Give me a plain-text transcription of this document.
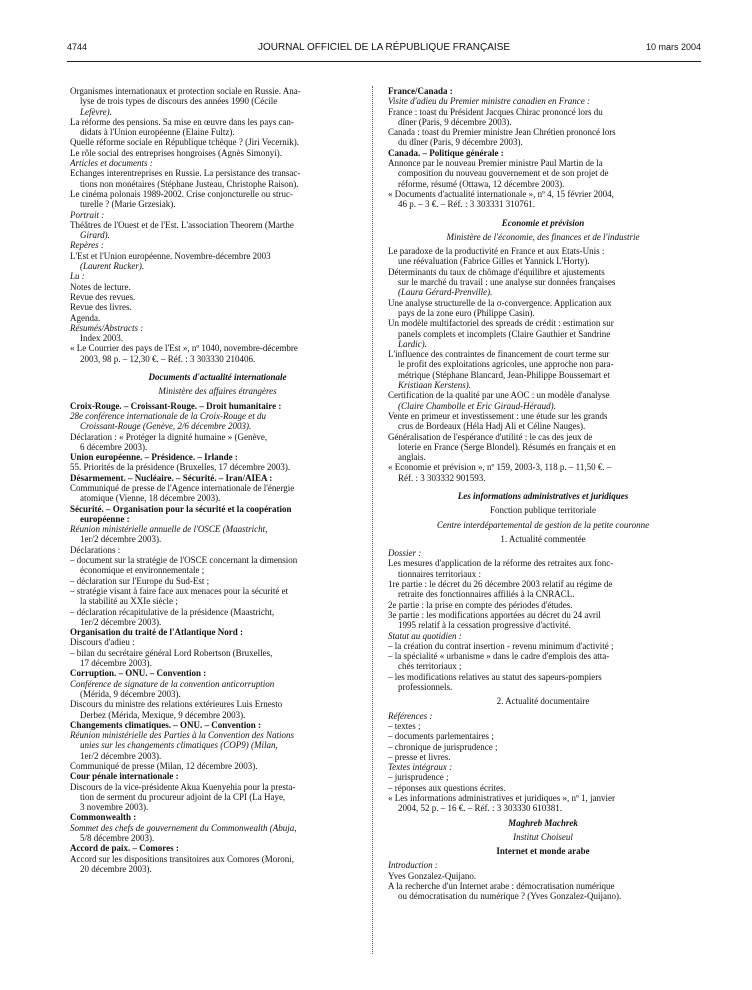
4744	JOURNAL OFFICIEL DE LA RÉPUBLIQUE FRANÇAISE	10 mars 2004
Organismes internationaux et protection sociale en Russie. Ana-
lyse de trois types de discours des années 1990 (Cécile
Lefèvre).
La réforme des pensions. Sa mise en œuvre dans les pays can-
didats à l'Union européenne (Elaine Fultz).
Quelle réforme sociale en République tchèque ? (Jiri Vecernik).
Le rôle social des entreprises hongroises (Agnès Simonyi).
Articles et documents :
Echanges interentreprises en Russie. La persistance des transac-
tions non monétaires (Stéphane Justeau, Christophe Raison).
Le cinéma polonais 1989-2002. Crise conjoncturelle ou struc-
turelle ? (Marie Grzesiak).
Portrait :
Théâtres de l'Ouest et de l'Est. L'association Theorem (Marthe
Girard).
Repères :
L'Est et l'Union européenne. Novembre-décembre 2003
(Laurent Rucker).
Lu :
Notes de lecture.
Revue des revues.
Revue des livres.
Agenda.
Résumés/Abstracts :
Index 2003.
« Le Courrier des pays de l'Est », nº 1040, novembre-décembre
2003, 98 p. – 12,30 €. – Réf. : 3 303330 210406.
Documents d'actualité internationale
Ministère des affaires étrangères
Croix-Rouge. – Croissant-Rouge. – Droit humanitaire :
28e conférence internationale de la Croix-Rouge et du
Croissant-Rouge (Genève, 2/6 décembre 2003).
Déclaration : « Protéger la dignité humaine » (Genève,
6 décembre 2003).
Union européenne. – Présidence. – Irlande :
55. Priorités de la présidence (Bruxelles, 17 décembre 2003).
Désarmement. – Nucléaire. – Sécurité. – Iran/AIEA :
Communiqué de presse de l'Agence internationale de l'énergie
atomique (Vienne, 18 décembre 2003).
Sécurité. – Organisation pour la sécurité et la coopération
européenne :
Réunion ministérielle annuelle de l'OSCE (Maastricht,
1er/2 décembre 2003).
Déclarations :
– document sur la stratégie de l'OSCE concernant la dimension
économique et environnementale ;
– déclaration sur l'Europe du Sud-Est ;
– stratégie visant à faire face aux menaces pour la sécurité et
la stabilité au XXIe siècle ;
– déclaration récapitulative de la présidence (Maastricht,
1er/2 décembre 2003).
Organisation du traité de l'Atlantique Nord :
Discours d'adieu :
– bilan du secrétaire général Lord Robertson (Bruxelles,
17 décembre 2003).
Corruption. – ONU. – Convention :
Conférence de signature de la convention anticorruption
(Mérida, 9 décembre 2003).
Discours du ministre des relations extérieures Luis Ernesto
Derbez (Mérida, Mexique, 9 décembre 2003).
Changements climatiques. – ONU. – Convention :
Réunion ministérielle des Parties à la Convention des Nations
unies sur les changements climatiques (COP9) (Milan,
1er/2 décembre 2003).
Communiqué de presse (Milan, 12 décembre 2003).
Cour pénale internationale :
Discours de la vice-présidente Akua Kuenyehia pour la presta-
tion de serment du procureur adjoint de la CPI (La Haye,
3 novembre 2003).
Commonwealth :
Sommet des chefs de gouvernement du Commonwealth (Abuja,
5/8 décembre 2003).
Accord de paix. – Comores :
Accord sur les dispositions transitoires aux Comores (Moroni,
20 décembre 2003).
France/Canada :
Visite d'adieu du Premier ministre canadien en France :
France : toast du Président Jacques Chirac prononcé lors du
dîner (Paris, 9 décembre 2003).
Canada : toast du Premier ministre Jean Chrétien prononcé lors
du dîner (Paris, 9 décembre 2003).
Canada. – Politique générale :
Annonce par le nouveau Premier ministre Paul Martin de la
composition du nouveau gouvernement et de son projet de
réforme, résumé (Ottawa, 12 décembre 2003).
« Documents d'actualité internationale », nº 4, 15 février 2004,
46 p. – 3 €. – Réf. : 3 303331 310761.
Economie et prévision
Ministère de l'économie, des finances et de l'industrie
Le paradoxe de la productivité en France et aux Etats-Unis :
une réévaluation (Fabrice Gilles et Yannick L'Horty).
Déterminants du taux de chômage d'équilibre et ajustements
sur le marché du travail : une analyse sur données françaises
(Laura Gérard-Prenville).
Une analyse structurelle de la σ-convergence. Application aux
pays de la zone euro (Philippe Casin).
Un modèle multifactoriel des spreads de crédit : estimation sur
panels complets et incomplets (Claire Gauthier et Sandrine
Lardic).
L'influence des contraintes de financement de court terme sur
le profit des exploitations agricoles, une approche non para-
métrique (Stéphane Blancard, Jean-Philippe Boussemart et
Kristiaan Kerstens).
Certification de la qualité par une AOC : un modèle d'analyse
(Claire Chambolle et Eric Giraud-Héraud).
Vente en primeur et investissement : une étude sur les grands
crus de Bordeaux (Héla Hadj Ali et Céline Nauges).
Généralisation de l'espérance d'utilité : le cas des jeux de
loterie en France (Serge Blondel). Résumés en français et en
anglais.
« Economie et prévision », nº 159, 2003-3, 118 p. – 11,50 €. –
Réf. : 3 303332 901593.
Les informations administratives et juridiques
Fonction publique territoriale
Centre interdépartemental de gestion de la petite couronne
1. Actualité commentée
Dossier :
Les mesures d'application de la réforme des retraites aux fonc-
tionnaires territoriaux :
1re partie : le décret du 26 décembre 2003 relatif au régime de
retraite des fonctionnaires affiliés à la CNRACL.
2e partie : la prise en compte des périodes d'études.
3e partie : les modifications apportées au décret du 24 avril
1995 relatif à la cessation progressive d'activité.
Statut au quotidien :
– la création du contrat insertion - revenu minimum d'activité ;
– la spécialité « urbanisme » dans le cadre d'emplois des atta-
chés territoriaux ;
– les modifications relatives au statut des sapeurs-pompiers
professionnels.
2. Actualité documentaire
Références :
– textes ;
– documents parlementaires ;
– chronique de jurisprudence ;
– presse et livres.
Textes intégraux :
– jurisprudence ;
– réponses aux questions écrites.
« Les informations administratives et juridiques », nº 1, janvier
2004, 52 p. – 16 €. – Réf. : 3 303330 610381.
Maghreb Machrek
Institut Choiseul
Internet et monde arabe
Introduction :
Yves Gonzalez-Quijano.
A la recherche d'un Internet arabe : démocratisation numérique
ou démocratisation du numérique ? (Yves Gonzalez-Quijano).
